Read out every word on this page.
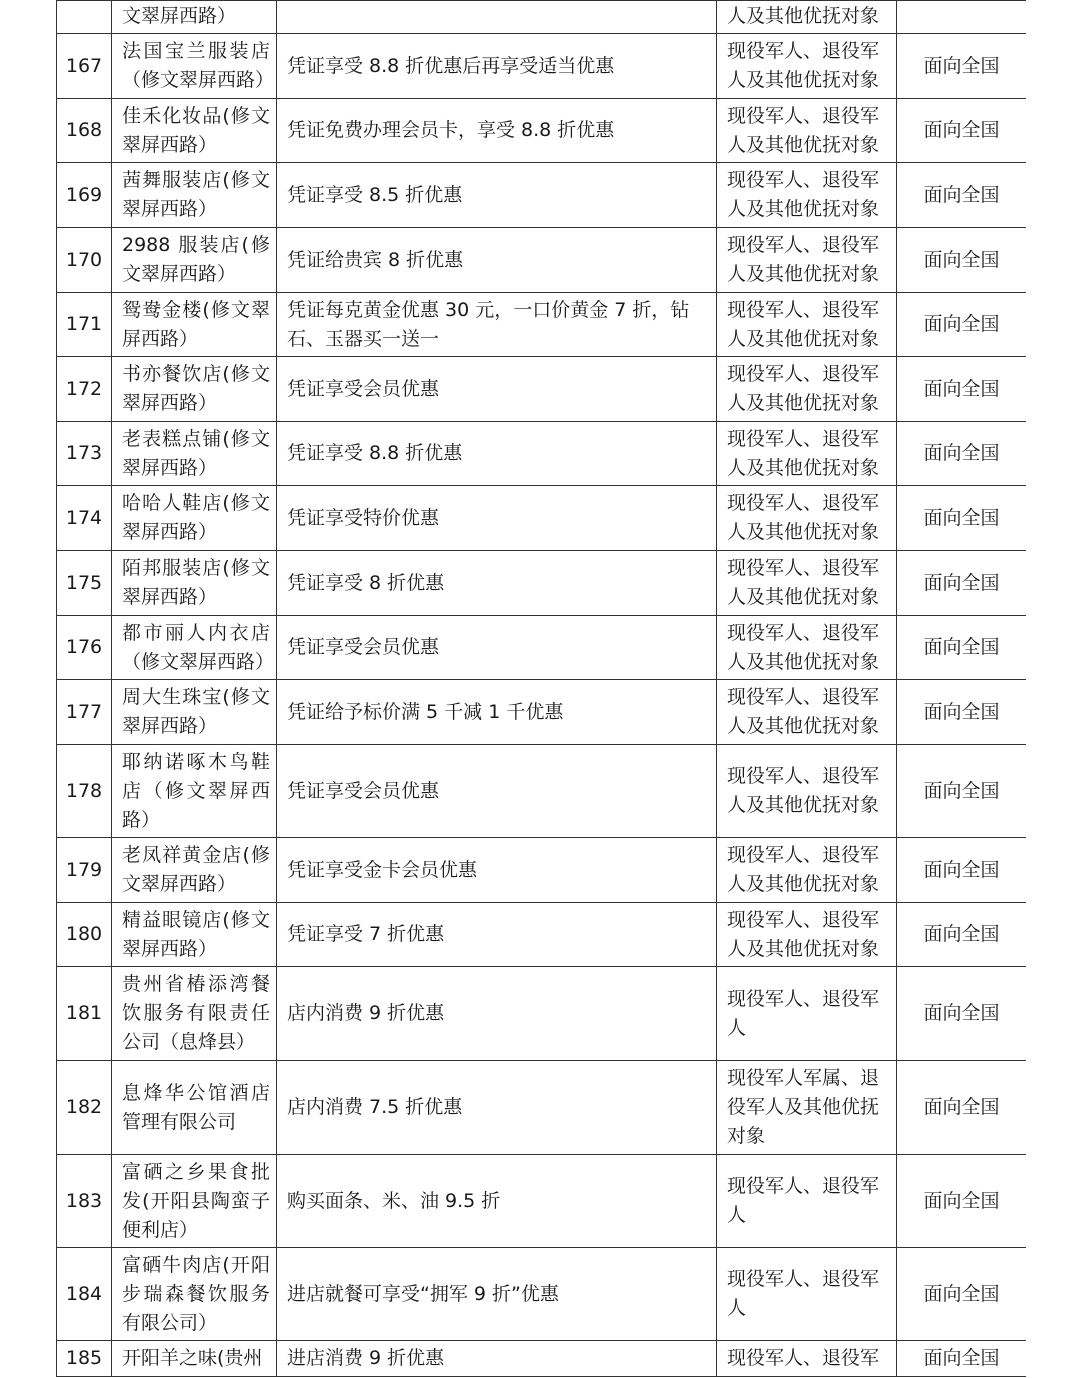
	文翠屏西路）		人及其他优抚对象	

167	法国宝兰服装店（修文翠屏西路）	凭证享受 8.8 折优惠后再享受适当优惠	现役军人、退役军人及其他优抚对象	面向全国

168	佳禾化妆品(修文翠屏西路）	凭证免费办理会员卡，享受 8.8 折优惠	现役军人、退役军人及其他优抚对象	面向全国

169	茜舞服装店(修文翠屏西路）	凭证享受 8.5 折优惠	现役军人、退役军人及其他优抚对象	面向全国

170	2988 服装店(修文翠屏西路）	凭证给贵宾 8 折优惠	现役军人、退役军人及其他优抚对象	面向全国

171	鸳鸯金楼(修文翠屏西路）	凭证每克黄金优惠 30 元，一口价黄金 7 折，钻石、玉器买一送一	现役军人、退役军人及其他优抚对象	面向全国

172	书亦餐饮店(修文翠屏西路）	凭证享受会员优惠	现役军人、退役军人及其他优抚对象	面向全国

173	老表糕点铺(修文翠屏西路）	凭证享受 8.8 折优惠	现役军人、退役军人及其他优抚对象	面向全国

174	哈哈人鞋店(修文翠屏西路）	凭证享受特价优惠	现役军人、退役军人及其他优抚对象	面向全国

175	陌邦服装店(修文翠屏西路）	凭证享受 8 折优惠	现役军人、退役军人及其他优抚对象	面向全国

176	都市丽人内衣店（修文翠屏西路）	凭证享受会员优惠	现役军人、退役军人及其他优抚对象	面向全国

177	周大生珠宝(修文翠屏西路）	凭证给予标价满 5 千减 1 千优惠	现役军人、退役军人及其他优抚对象	面向全国

178	耶纳诺啄木鸟鞋店（修文翠屏西路）	凭证享受会员优惠	现役军人、退役军人及其他优抚对象	面向全国

179	老凤祥黄金店(修文翠屏西路）	凭证享受金卡会员优惠	现役军人、退役军人及其他优抚对象	面向全国

180	精益眼镜店(修文翠屏西路）	凭证享受 7 折优惠	现役军人、退役军人及其他优抚对象	面向全国

181	贵州省椿添湾餐饮服务有限责任公司（息烽县）	店内消费 9 折优惠	现役军人、退役军人	面向全国

182	息烽华公馆酒店管理有限公司	店内消费 7.5 折优惠	现役军人军属、退役军人及其他优抚对象	面向全国

183	富硒之乡果食批发(开阳县陶蛮子便利店）	购买面条、米、油 9.5 折	现役军人、退役军人	面向全国

184	富硒牛肉店(开阳步瑞森餐饮服务有限公司）	进店就餐可享受“拥军 9 折”优惠	现役军人、退役军人	面向全国

185	开阳羊之味(贵州	进店消费 9 折优惠	现役军人、退役军	面向全国
